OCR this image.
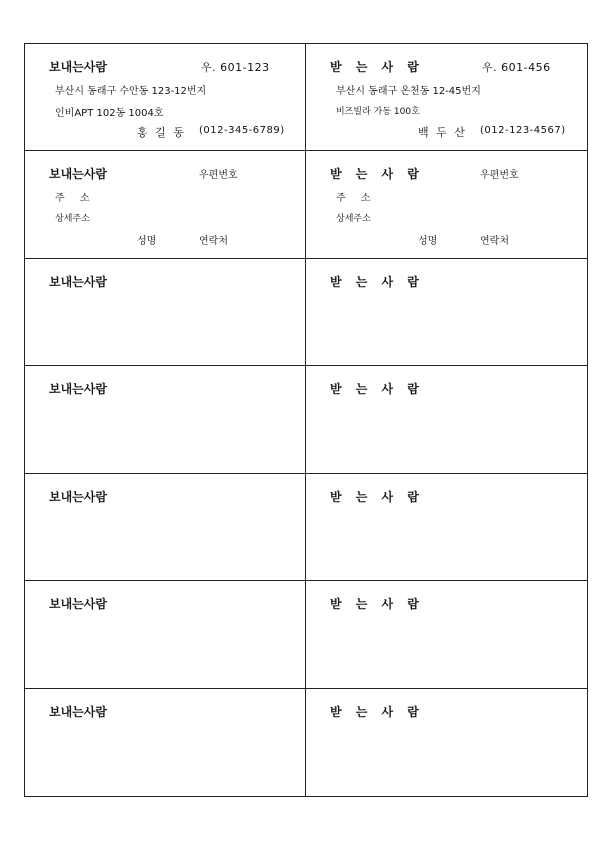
보내는사람	우. 601-123
부산시 동래구 수안동 123-12번지
인비APT 102동 1004호
홍 길 동 (012-345-6789)
받 는 사 람	우. 601-456
부산시 동래구 온천동 12-45번지
비즈빌라 가동 100호
백 두 산 (012-123-4567)
보내는사람	우편번호
주 소
상세주소
성명	연락처
받 는 사 람	우편번호
주 소
상세주소
성명	연락처
보내는사람	받 는 사 람
보내는사람	받 는 사 람
보내는사람	받 는 사 람
보내는사람	받 는 사 람
보내는사람	받 는 사 람
